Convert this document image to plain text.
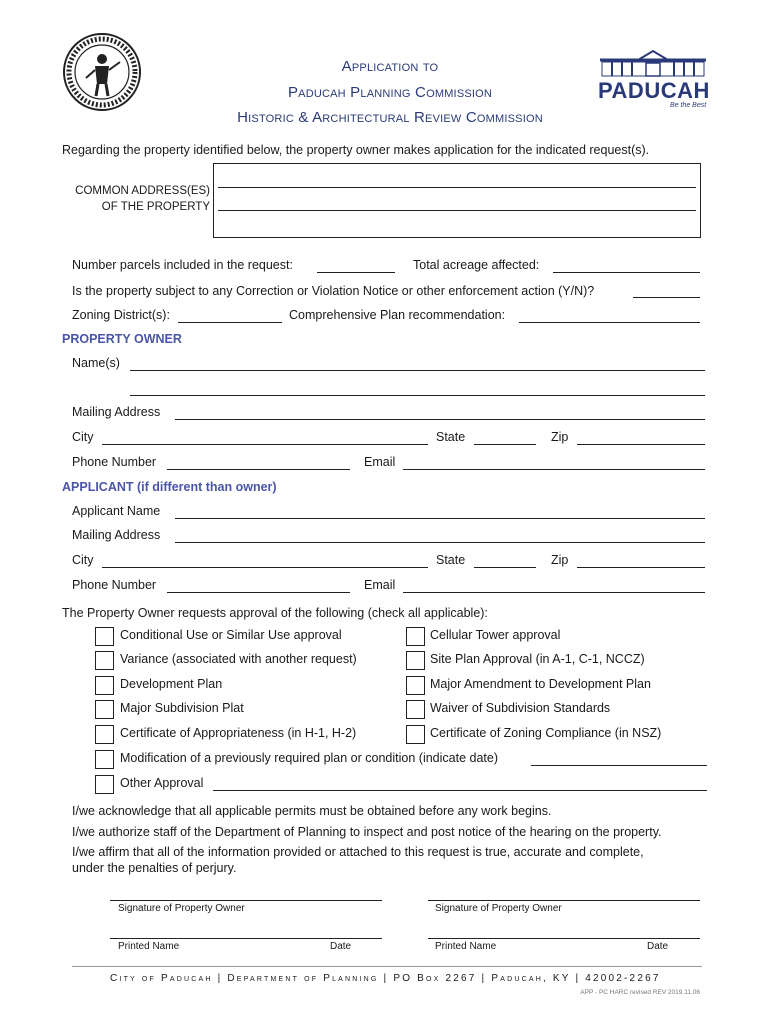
Application to
Paducah Planning Commission
Historic & Architectural Review Commission
PADUCAH
Be the Best
Regarding the property identified below, the property owner makes application for the indicated request(s).
COMMON ADDRESS(ES)
OF THE PROPERTY
Number parcels included in the request:	Total acreage affected:
Is the property subject to any Correction or Violation Notice or other enforcement action (Y/N)?
Zoning District(s):	Comprehensive Plan recommendation:
PROPERTY OWNER
Name(s)
Mailing Address
City	State	Zip
Phone Number	Email
APPLICANT (if different than owner)
Applicant Name
Mailing Address
City	State	Zip
Phone Number	Email
The Property Owner requests approval of the following (check all applicable):
Modification of a previously required plan or condition (indicate date)
Other Approval
I/we acknowledge that all applicable permits must be obtained before any work begins.
I/we authorize staff of the Department of Planning to inspect and post notice of the hearing on the property.
I/we affirm that all of the information provided or attached to this request is true, accurate and complete,
under the penalties of perjury.
Signature of Property Owner	Signature of Property Owner
Printed Name	Date	Printed Name	Date
City of Paducah | Department of Planning | PO Box 2267 | Paducah, KY | 42002-2267
APP - PC HARC revised REV 2019.11.06
Conditional Use or Similar Use approval
Variance (associated with another request)
Development Plan
Major Subdivision Plat
Certificate of Appropriateness (in H-1, H-2)
Cellular Tower approval
Site Plan Approval (in A-1, C-1, NCCZ)
Major Amendment to Development Plan
Waiver of Subdivision Standards
Certificate of Zoning Compliance (in NSZ)
